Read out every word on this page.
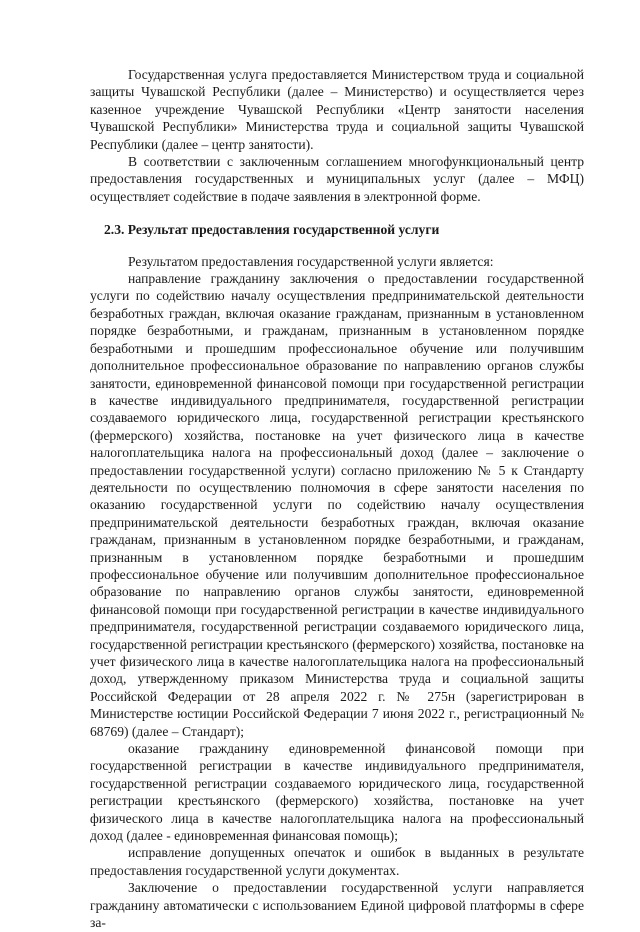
Государственная услуга предоставляется Министерством труда и социальной защиты Чувашской Республики (далее – Министерство) и осуществляется через казенное учреждение Чувашской Республики «Центр занятости населения Чувашской Республики» Министерства труда и социальной защиты Чувашской Республики (далее – центр занятости).

В соответствии с заключенным соглашением многофункциональный центр предоставления государственных и муниципальных услуг (далее – МФЦ) осуществляет содействие в подаче заявления в электронной форме.

2.3. Результат предоставления государственной услуги

Результатом предоставления государственной услуги является:

направление гражданину заключения о предоставлении государственной услуги по содействию началу осуществления предпринимательской деятельности безработных граждан, включая оказание гражданам, признанным в установленном порядке безработными, и гражданам, признанным в установленном порядке безработными и прошедшим профессиональное обучение или получившим дополнительное профессиональное образование по направлению органов службы занятости, единовременной финансовой помощи при государственной регистрации в качестве индивидуального предпринимателя, государственной регистрации создаваемого юридического лица, государственной регистрации крестьянского (фермерского) хозяйства, постановке на учет физического лица в качестве налогоплательщика налога на профессиональный доход (далее – заключение о предоставлении государственной услуги) согласно приложению № 5 к Стандарту деятельности по осуществлению полномочия в сфере занятости населения по оказанию государственной услуги по содействию началу осуществления предпринимательской деятельности безработных граждан, включая оказание гражданам, признанным в установленном порядке безработными, и гражданам, признанным в установленном порядке безработными и прошедшим профессиональное обучение или получившим дополнительное профессиональное образование по направлению органов службы занятости, единовременной финансовой помощи при государственной регистрации в качестве индивидуального предпринимателя, государственной регистрации создаваемого юридического лица, государственной регистрации крестьянского (фермерского) хозяйства, постановке на учет физического лица в качестве налогоплательщика налога на профессиональный доход, утвержденному приказом Министерства труда и социальной защиты Российской Федерации от 28 апреля 2022 г. № 275н (зарегистрирован в Министерстве юстиции Российской Федерации 7 июня 2022 г., регистрационный № 68769) (далее – Стандарт);

оказание гражданину единовременной финансовой помощи при государственной регистрации в качестве индивидуального предпринимателя, государственной регистрации создаваемого юридического лица, государственной регистрации крестьянского (фермерского) хозяйства, постановке на учет физического лица в качестве налогоплательщика налога на профессиональный доход (далее - единовременная финансовая помощь);

исправление допущенных опечаток и ошибок в выданных в результате предоставления государственной услуги документах.

Заключение о предоставлении государственной услуги направляется гражданину автоматически с использованием Единой цифровой платформы в сфере за-
